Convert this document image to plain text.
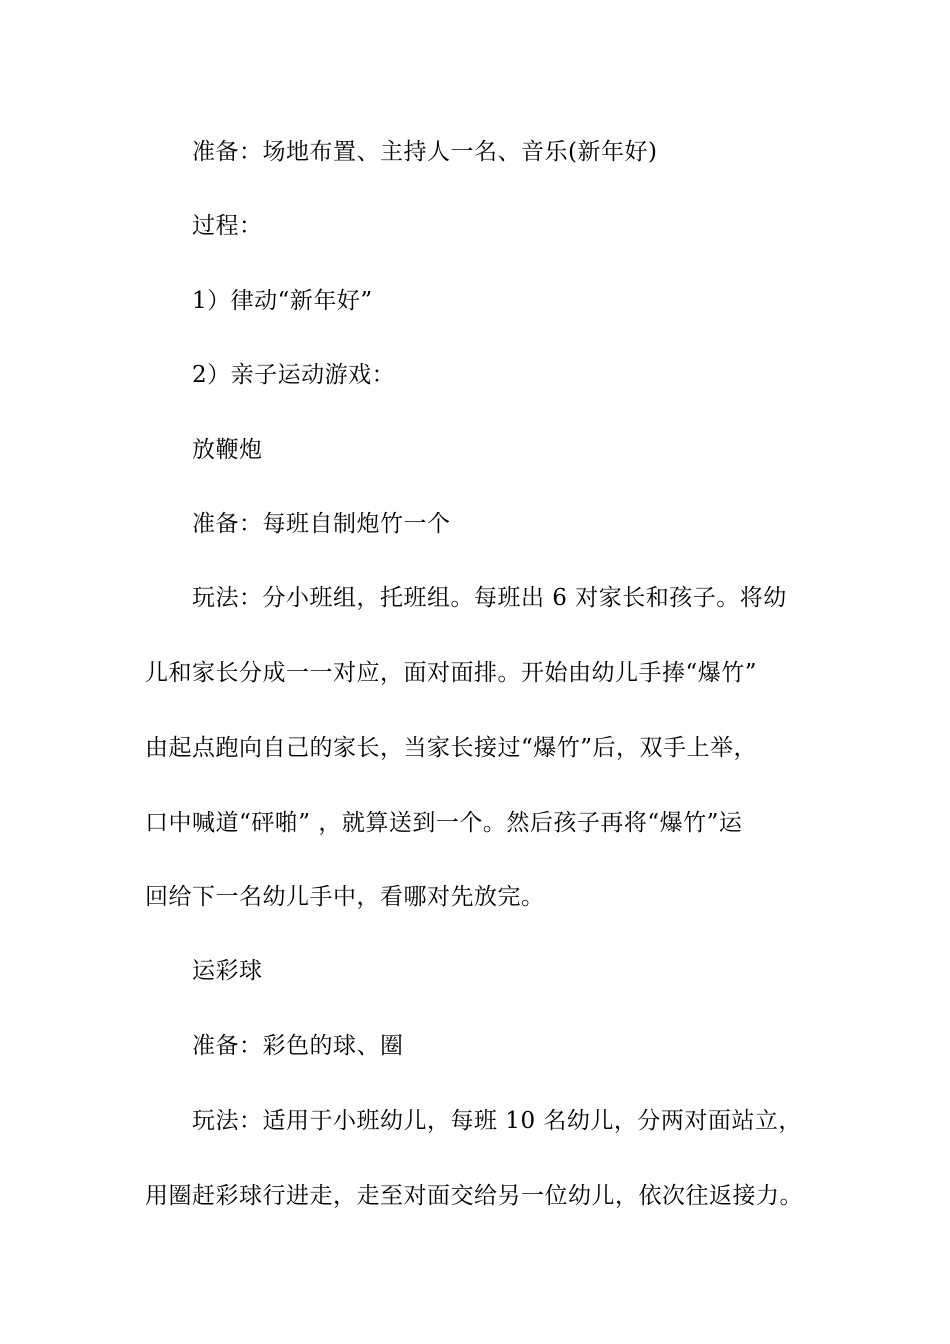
准备：场地布置、主持人一名、音乐(新年好)
过程：
1）律动“新年好”
2）亲子运动游戏：
放鞭炮
准备：每班自制炮竹一个
玩法：分小班组，托班组。每班出 6 对家长和孩子。将幼
儿和家长分成一一对应，面对面排。开始由幼儿手捧“爆竹”
由起点跑向自己的家长，当家长接过“爆竹”后，双手上举，
口中喊道“砰啪” ，就算送到一个。然后孩子再将“爆竹”运
回给下一名幼儿手中，看哪对先放完。
运彩球
准备：彩色的球、圈
玩法：适用于小班幼儿，每班 10 名幼儿，分两对面站立，
用圈赶彩球行进走，走至对面交给另一位幼儿，依次往返接力。
